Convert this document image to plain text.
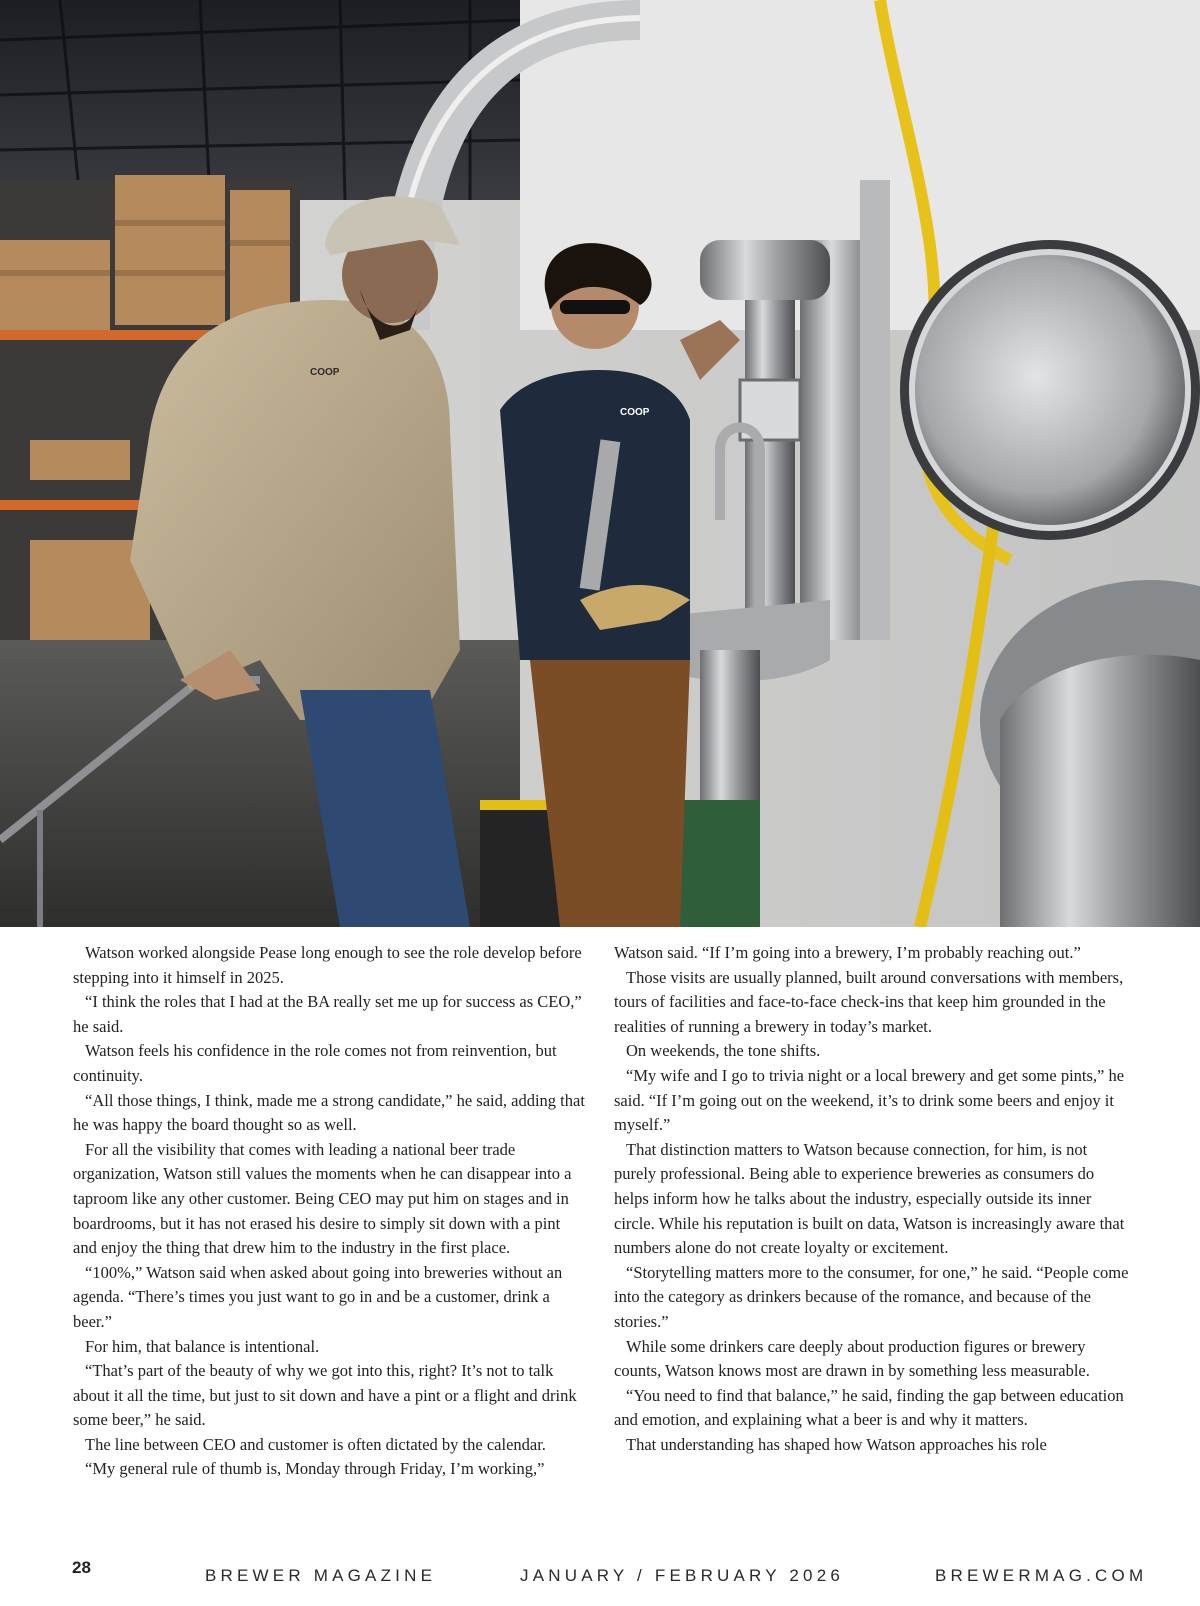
COOP
COOP

Watson worked alongside Pease long enough to see the role develop before stepping into it himself in 2025.

“I think the roles that I had at the BA really set me up for success as CEO,” he said.

Watson feels his confidence in the role comes not from reinvention, but continuity.

“All those things, I think, made me a strong candidate,” he said, adding that he was happy the board thought so as well.

For all the visibility that comes with leading a national beer trade organization, Watson still values the moments when he can disappear into a taproom like any other customer. Being CEO may put him on stages and in boardrooms, but it has not erased his desire to simply sit down with a pint and enjoy the thing that drew him to the industry in the first place.

“100%,” Watson said when asked about going into breweries without an agenda. “There’s times you just want to go in and be a customer, drink a beer.”

For him, that balance is intentional.

“That’s part of the beauty of why we got into this, right? It’s not to talk about it all the time, but just to sit down and have a pint or a flight and drink some beer,” he said.

The line between CEO and customer is often dictated by the calendar.

“My general rule of thumb is, Monday through Friday, I’m working,”

Watson said. “If I’m going into a brewery, I’m probably reaching out.”

Those visits are usually planned, built around conversations with members, tours of facilities and face-to-face check-ins that keep him grounded in the realities of running a brewery in today’s market.

On weekends, the tone shifts.

“My wife and I go to trivia night or a local brewery and get some pints,” he said. “If I’m going out on the weekend, it’s to drink some beers and enjoy it myself.”

That distinction matters to Watson because connection, for him, is not purely professional. Being able to experience breweries as consumers do helps inform how he talks about the industry, especially outside its inner circle. While his reputation is built on data, Watson is increasingly aware that numbers alone do not create loyalty or excitement.

“Storytelling matters more to the consumer, for one,” he said. “People come into the category as drinkers because of the romance, and because of the stories.”

While some drinkers care deeply about production figures or brewery counts, Watson knows most are drawn in by something less measurable.

“You need to find that balance,” he said, finding the gap between education and emotion, and explaining what a beer is and why it matters.

That understanding has shaped how Watson approaches his role

28	BREWER MAGAZINE	JANUARY / FEBRUARY 2026	BREWERMAG.COM
